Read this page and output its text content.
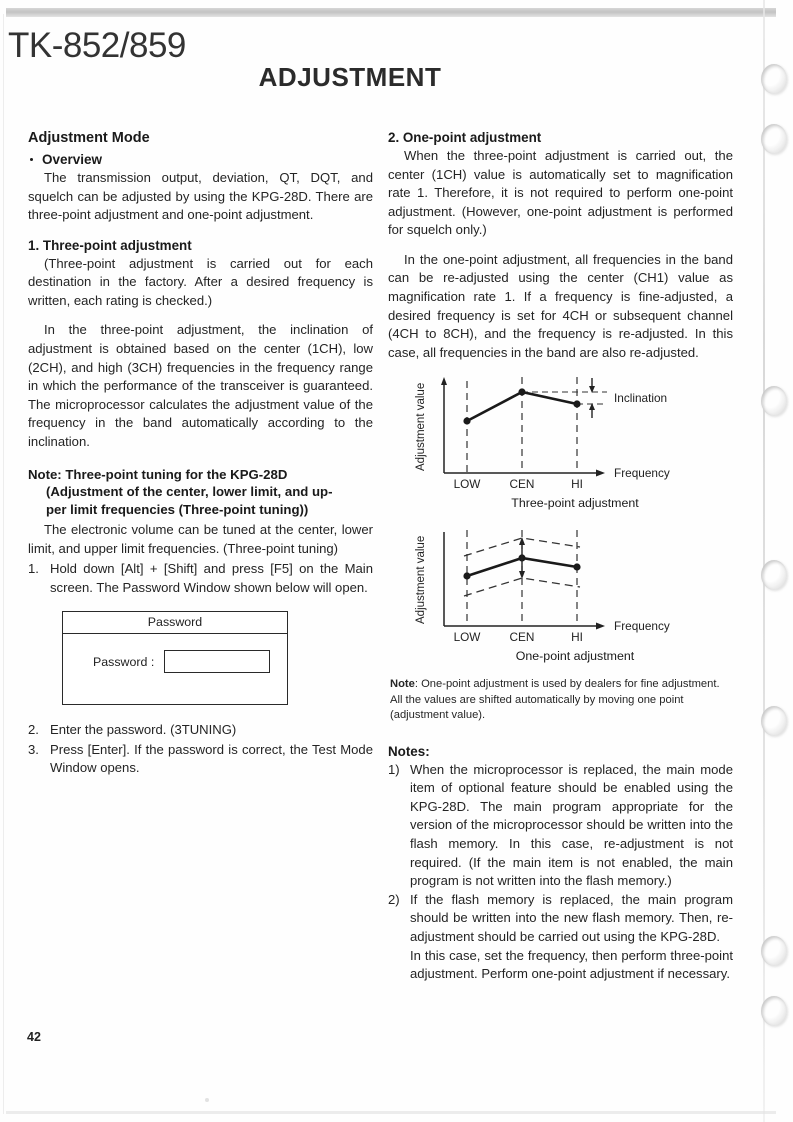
TK-852/859
ADJUSTMENT
Adjustment Mode
Overview

The transmission output, deviation, QT, DQT, and squelch can be adjusted by using the KPG-28D. There are three-point adjustment and one-point adjustment.

1. Three-point adjustment

(Three-point adjustment is carried out for each destination in the factory. After a desired frequency is written, each rating is checked.)

In the three-point adjustment, the inclination of adjustment is obtained based on the center (1CH), low (2CH), and high (3CH) frequencies in the frequency range in which the performance of the transceiver is guaranteed. The microprocessor calculates the adjustment value of the frequency in the band automatically according to the inclination.

Note: Three-point tuning for the KPG-28D
(Adjustment of the center, lower limit, and up-
per limit frequencies (Three-point tuning))

The electronic volume can be tuned at the center, lower limit, and upper limit frequencies. (Three-point tuning)

1. Hold down [Alt] + [Shift] and press [F5] on the Main screen. The Password Window shown below will open.
Password
Password :
2. Enter the password. (3TUNING)
3. Press [Enter]. If the password is correct, the Test Mode Window opens.
2. One-point adjustment

When the three-point adjustment is carried out, the center (1CH) value is automatically set to magnification rate 1. Therefore, it is not required to perform one-point adjustment. (However, one-point adjustment is performed for squelch only.)

In the one-point adjustment, all frequencies in the band can be re-adjusted using the center (CH1) value as magnification rate 1. If a frequency is fine-adjusted, a desired frequency is set for 4CH or subsequent channel (4CH to 8CH), and the frequency is re-adjusted. In this case, all frequencies in the band are also re-adjusted.

Adjustment value
Frequency
LOW CEN	HI
Inclination
Three-point adjustment
Adjustment value
Frequency
LOW CEN	HI
One-point adjustment
Note: One-point adjustment is used by dealers for fine adjustment. All the values are shifted automatically by moving one point (adjustment value).
Notes:
1) When the microprocessor is replaced, the main mode item of optional feature should be enabled using the KPG-28D. The main program appropriate for the version of the microprocessor should be written into the flash memory. In this case, re-adjustment is not required. (If the main item is not enabled, the main program is not written into the flash memory.)
2) If the flash memory is replaced, the main program should be written into the new flash memory. Then, re-adjustment should be carried out using the KPG-28D.
In this case, set the frequency, then perform three-point adjustment. Perform one-point adjustment if necessary.
42
